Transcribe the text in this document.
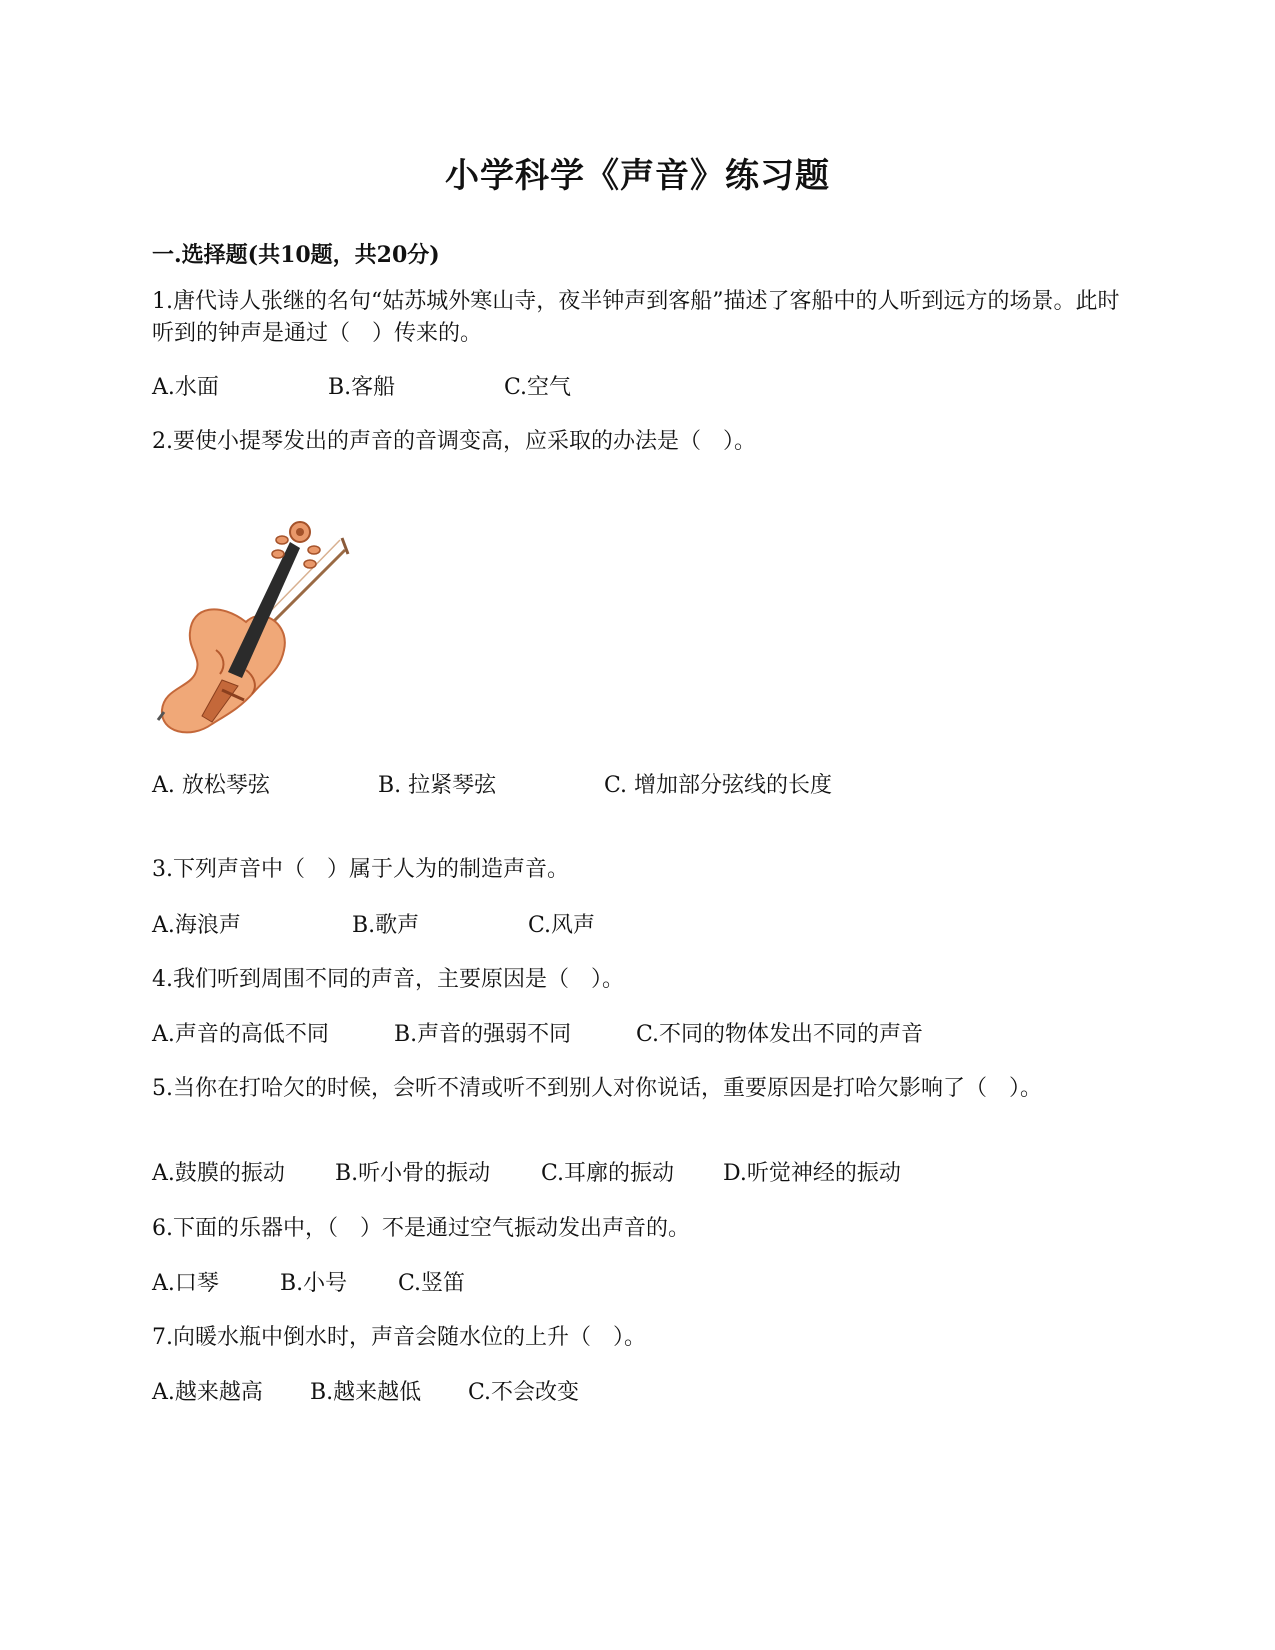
小学科学《声音》练习题
一.选择题(共10题，共20分)
1.唐代诗人张继的名句“姑苏城外寒山寺，夜半钟声到客船”描述了客船中的人听到远方的场景。此时听到的钟声是通过（　）传来的。
A.水面	B.客船	C.空气
2.要使小提琴发出的声音的音调变高，应采取的办法是（　）。
A. 放松琴弦	B. 拉紧琴弦	C. 增加部分弦线的长度
3.下列声音中（　）属于人为的制造声音。
A.海浪声	B.歌声	C.风声
4.我们听到周围不同的声音，主要原因是（　）。
A.声音的高低不同	B.声音的强弱不同	C.不同的物体发出不同的声音
5.当你在打哈欠的时候，会听不清或听不到别人对你说话，重要原因是打哈欠影响了（　）。
A.鼓膜的振动 B.听小骨的振动 C.耳廓的振动 D.听觉神经的振动
6.下面的乐器中，（　）不是通过空气振动发出声音的。
A.口琴	B.小号 C.竖笛
7.向暖水瓶中倒水时，声音会随水位的上升（　）。
A.越来越高 B.越来越低 C.不会改变
